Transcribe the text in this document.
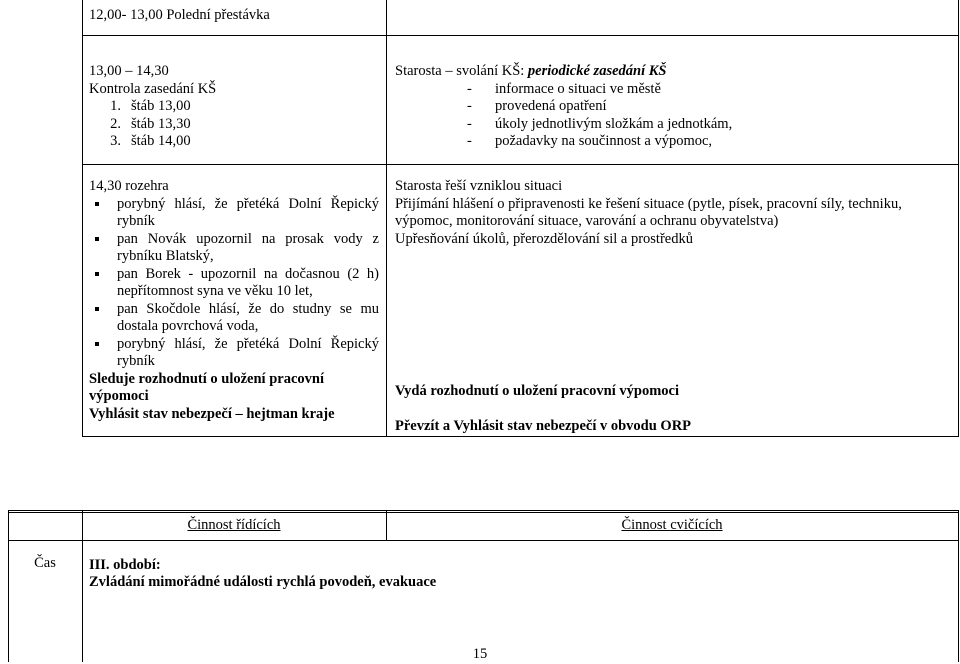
12,00- 13,00 Polední přestávka
13,00 – 14,30
Kontrola zasedání KŠ
1. štáb 13,00
2. štáb 13,30
3. štáb 14,00
Starosta – svolání KŠ: periodické zasedání KŠ
- informace o situaci ve městě
- provedená opatření
- úkoly jednotlivým složkám a jednotkám,
- požadavky na součinnost a výpomoc,
14,30 rozehra
porybný hlásí, že přetéká Dolní Řepický rybník
pan Novák upozornil na prosak vody z rybníku Blatský,
pan Borek - upozornil na dočasnou (2 h) nepřítomnost syna ve věku 10 let,
pan Skočdole hlásí, že do studny se mu dostala povrchová voda,
porybný hlásí, že přetéká Dolní Řepický rybník
Sleduje rozhodnutí o uložení pracovní výpomoci
Vyhlásit stav nebezpečí – hejtman kraje
Starosta řeší vzniklou situaci
Přijímání hlášení o připravenosti ke řešení situace (pytle, písek, pracovní síly, techniku, výpomoc, monitorování situace, varování a ochranu obyvatelstva)
Upřesňování úkolů, přerozdělování sil a prostředků
Vydá rozhodnutí o uložení pracovní výpomoci
Převzít a Vyhlásit stav nebezpečí v obvodu ORP
Činnost řídících	Činnost cvičících
Čas	III. období:
Zvládání mimořádné události rychlá povodeň, evakuace
15
